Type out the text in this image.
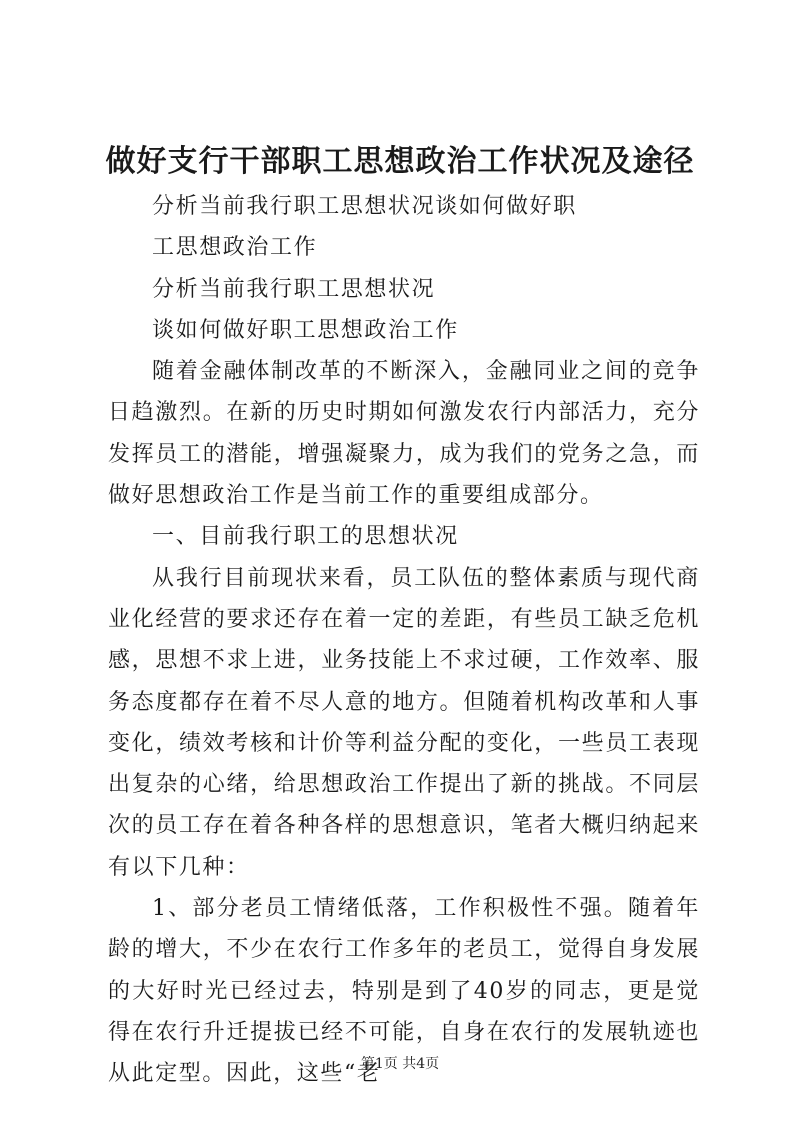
做好支行干部职工思想政治工作状况及途径

分析当前我行职工思想状况谈如何做好职

工思想政治工作

分析当前我行职工思想状况

谈如何做好职工思想政治工作

随着金融体制改革的不断深入，金融同业之间的竞争日趋激烈。在新的历史时期如何激发农行内部活力，充分发挥员工的潜能，增强凝聚力，成为我们的党务之急，而做好思想政治工作是当前工作的重要组成部分。

一、目前我行职工的思想状况

从我行目前现状来看，员工队伍的整体素质与现代商业化经营的要求还存在着一定的差距，有些员工缺乏危机感，思想不求上进，业务技能上不求过硬，工作效率、服务态度都存在着不尽人意的地方。但随着机构改革和人事变化，绩效考核和计价等利益分配的变化，一些员工表现出复杂的心绪，给思想政治工作提出了新的挑战。不同层次的员工存在着各种各样的思想意识，笔者大概归纳起来有以下几种：

1、部分老员工情绪低落，工作积极性不强。随着年龄的增大，不少在农行工作多年的老员工，觉得自身发展的大好时光已经过去，特别是到了40岁的同志，更是觉得在农行升迁提拔已经不可能，自身在农行的发展轨迹也从此定型。因此，这些“老

第1页 共4页
